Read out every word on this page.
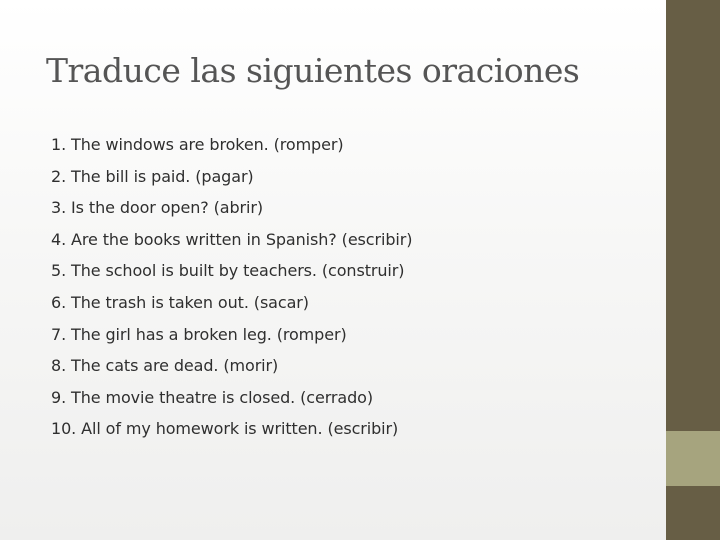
Traduce las siguientes oraciones
1. The windows are broken. (romper)
2. The bill is paid. (pagar)
3. Is the door open? (abrir)
4. Are the books written in Spanish? (escribir)
5. The school is built by teachers. (construir)
6. The trash is taken out. (sacar)
7. The girl has a broken leg. (romper)
8. The cats are dead. (morir)
9. The movie theatre is closed. (cerrado)
10. All of my homework is written. (escribir)
